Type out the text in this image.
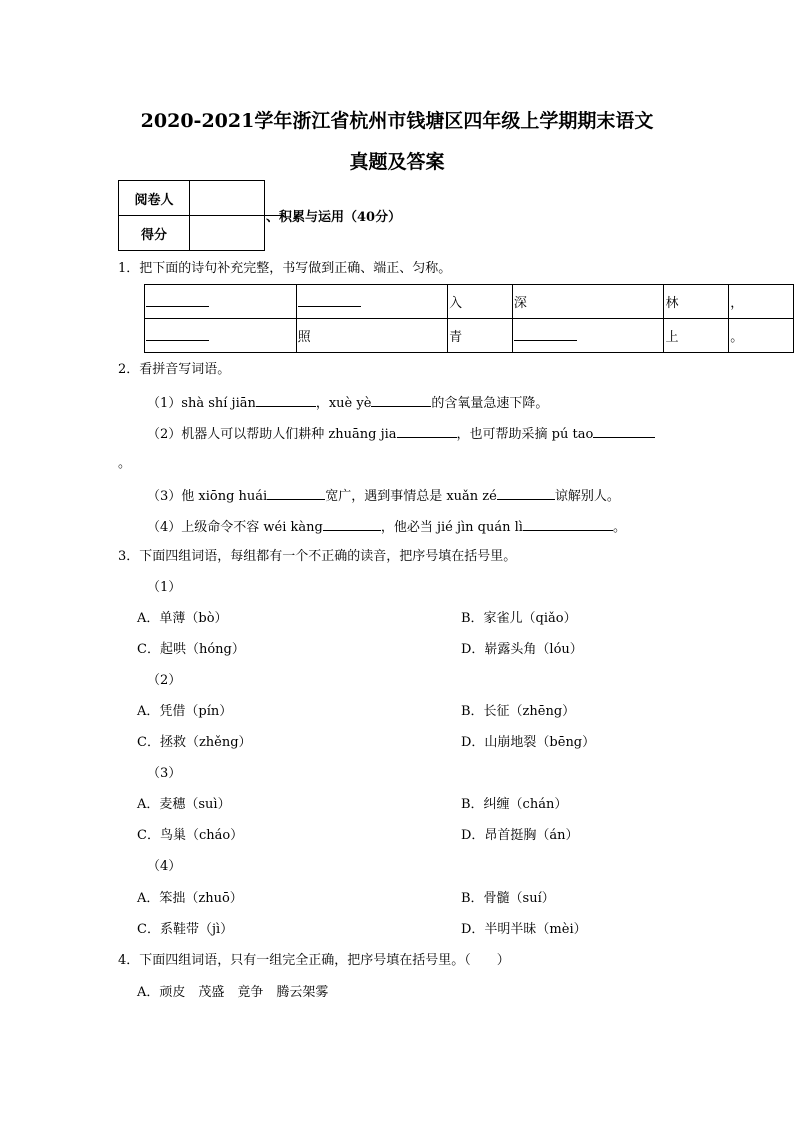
2020-2021学年浙江省杭州市钱塘区四年级上学期期末语文
真题及答案
阅卷人	
得分	
、积累与运用（40分）
1．把下面的诗句补充完整，书写做到正确、端正、匀称。
		入	深	林	，
	照	青		上	。
2．看拼音写词语。
（1）shà shí jiān	，xuè yè	的含氧量急速下降。
（2）机器人可以帮助人们耕种 zhuāng jia	，也可帮助采摘 pú tao
。
（3）他 xiōng huái	宽广，遇到事情总是 xuǎn zé	谅解别人。
（4）上级命令不容 wéi kàng	，他必当 jié jìn quán lì	。
3．下面四组词语，每组都有一个不正确的读音，把序号填在括号里。
（1）
A．单薄（bò）	B．家雀儿（qiǎo）
C．起哄（hóng）	D．崭露头角（lóu）
（2）
A．凭借（pín）	B．长征（zhēng）
C．拯救（zhěng）	D．山崩地裂（bēng）
（3）
A．麦穗（suì）	B．纠缠（chán）
C．鸟巢（cháo）	D．昂首挺胸（án）
（4）
A．笨拙（zhuō）	B．骨髓（suí）
C．系鞋带（jì）	D．半明半昧（mèi）
4．下面四组词语，只有一组完全正确，把序号填在括号里。（　　）
A．顽皮　茂盛　竟争　腾云架雾
